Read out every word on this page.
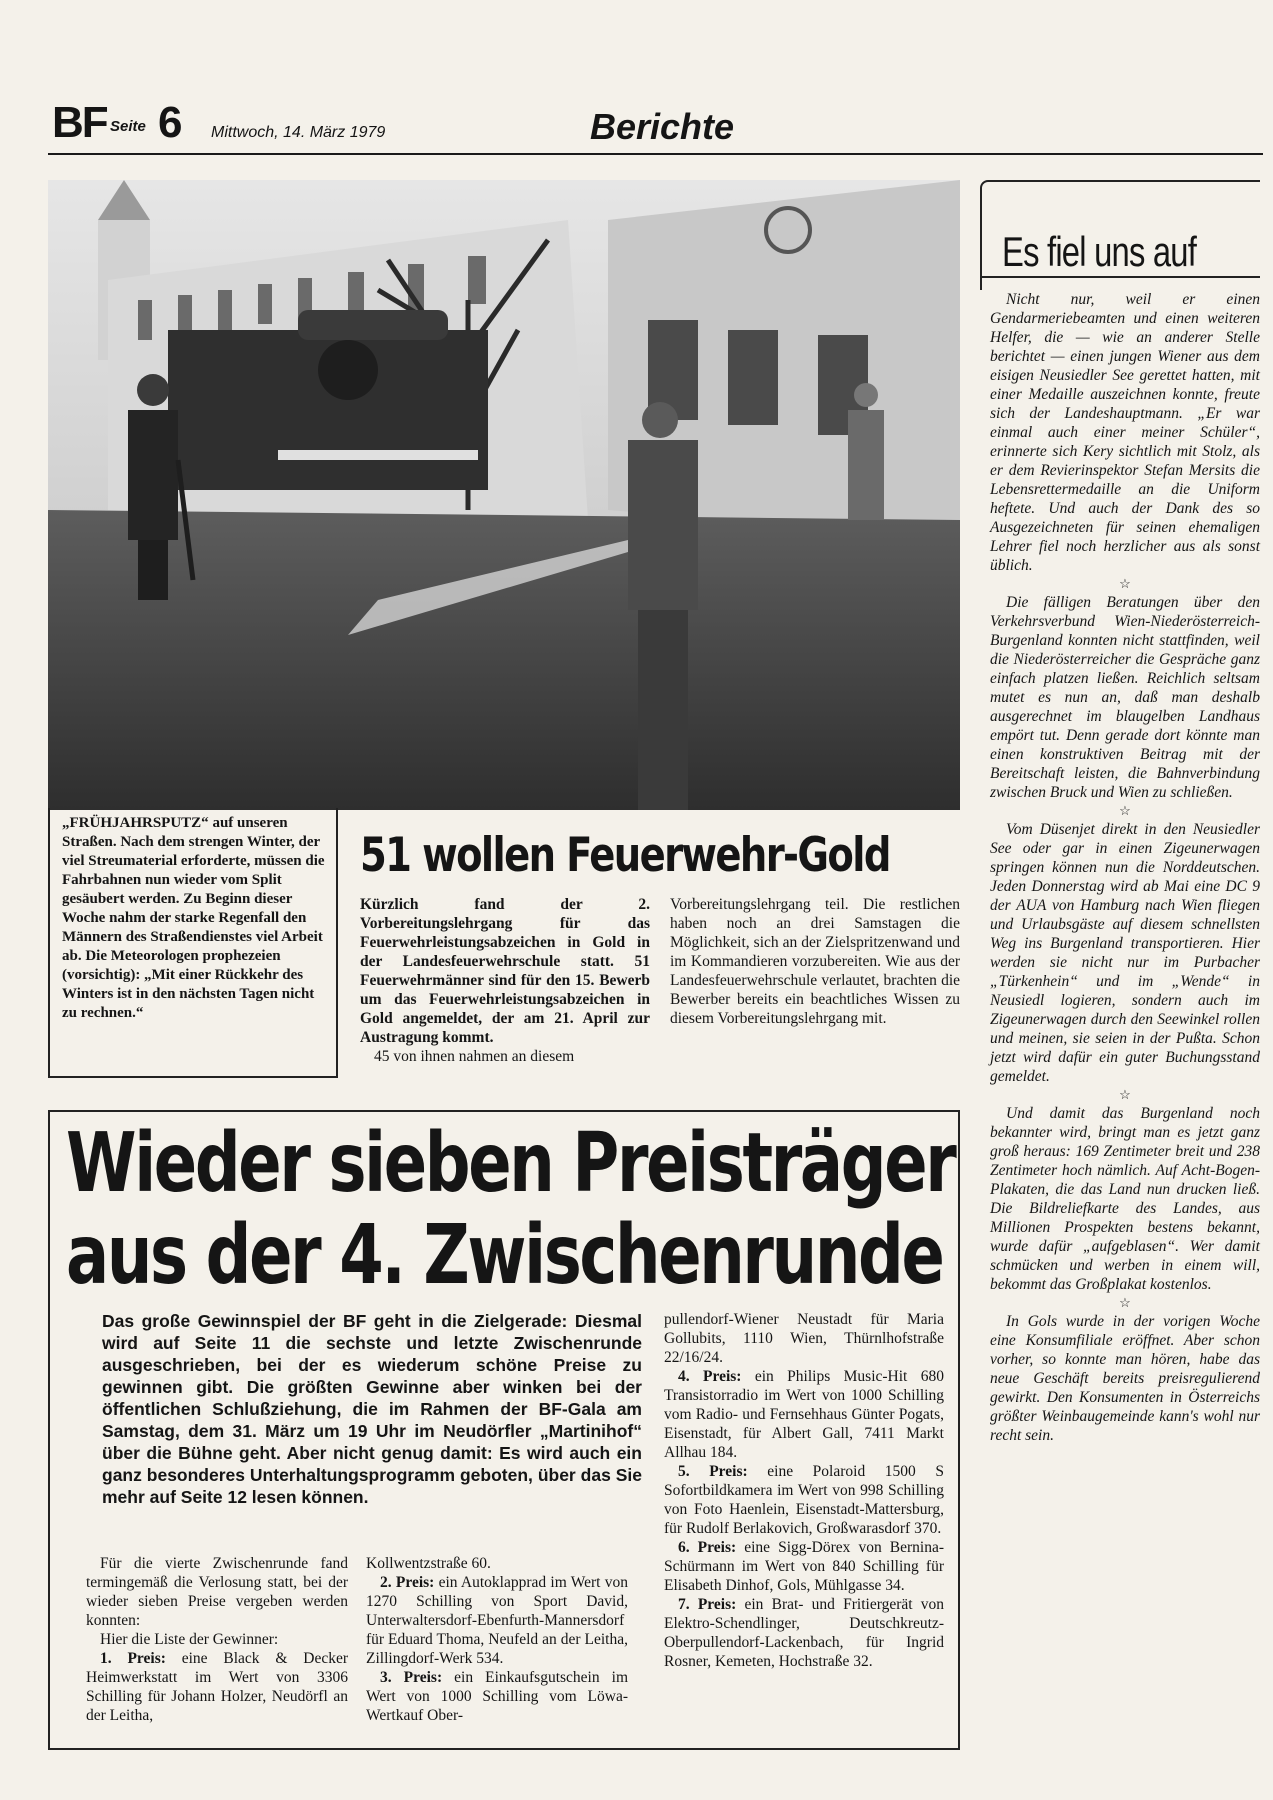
BF Seite 6 Mittwoch, 14. März 1979	Berichte
„FRÜHJAHRSPUTZ“ auf unseren Straßen. Nach dem strengen Winter, der viel Streumaterial erforderte, müssen die Fahrbahnen nun wieder vom Split gesäubert werden. Zu Beginn dieser Woche nahm der starke Regenfall den Männern des Straßendienstes viel Arbeit ab. Die Meteorologen prophezeien (vorsichtig): „Mit einer Rückkehr des Winters ist in den nächsten Tagen nicht zu rechnen.“
51 wollen Feuerwehr-Gold
Kürzlich fand der 2. Vorbereitungslehrgang für das Feuerwehrleistungsabzeichen in Gold in der Landesfeuerwehrschule statt. 51 Feuerwehrmänner sind für den 15. Bewerb um das Feuerwehrleistungsabzeichen in Gold angemeldet, der am 21. April zur Austragung kommt.
45 von ihnen nahmen an diesem
Vorbereitungslehrgang teil. Die restlichen haben noch an drei Samstagen die Möglichkeit, sich an der Zielspritzenwand und im Kommandieren vorzubereiten. Wie aus der Landesfeuerwehrschule verlautet, brachten die Bewerber bereits ein beachtliches Wissen zu diesem Vorbereitungslehrgang mit.
Wieder sieben Preisträger
aus der 4. Zwischenrunde
Das große Gewinnspiel der BF geht in die Zielgerade: Diesmal wird auf Seite 11 die sechste und letzte Zwischenrunde ausgeschrieben, bei der es wiederum schöne Preise zu gewinnen gibt. Die größten Gewinne aber winken bei der öffentlichen Schlußziehung, die im Rahmen der BF-Gala am Samstag, dem 31. März um 19 Uhr im Neudörfler „Martinihof“ über die Bühne geht. Aber nicht genug damit: Es wird auch ein ganz besonderes Unterhaltungsprogramm geboten, über das Sie mehr auf Seite 12 lesen können.

Für die vierte Zwischenrunde fand termingemäß die Verlosung statt, bei der wieder sieben Preise vergeben werden konnten:

Hier die Liste der Gewinner:

1. Preis: eine Black & Decker Heimwerkstatt im Wert von 3306 Schilling für Johann Holzer, Neudörfl an der Leitha,

Kollwentzstraße 60.

2. Preis: ein Autoklapprad im Wert von 1270 Schilling von Sport David, Unterwaltersdorf-Ebenfurth-Mannersdorf für Eduard Thoma, Neufeld an der Leitha, Zillingdorf-Werk 534.

3. Preis: ein Einkaufsgutschein im Wert von 1000 Schilling vom Löwa-Wertkauf Ober-

pullendorf-Wiener Neustadt für Maria Gollubits, 1110 Wien, Thürnlhofstraße 22/16/24.

4. Preis: ein Philips Music-Hit 680 Transistorradio im Wert von 1000 Schilling vom Radio- und Fernsehhaus Günter Pogats, Eisenstadt, für Albert Gall, 7411 Markt Allhau 184.

5. Preis: eine Polaroid 1500 S Sofortbildkamera im Wert von 998 Schilling von Foto Haenlein, Eisenstadt-Mattersburg, für Rudolf Berlakovich, Großwarasdorf 370.

6. Preis: eine Sigg-Dörex von Bernina-Schürmann im Wert von 840 Schilling für Elisabeth Dinhof, Gols, Mühlgasse 34.

7. Preis: ein Brat- und Fritiergerät von Elektro-Schendlinger, Deutschkreutz-Oberpullendorf-Lackenbach, für Ingrid Rosner, Kemeten, Hochstraße 32.

Es fiel uns auf

Nicht nur, weil er einen Gendarmeriebeamten und einen weiteren Helfer, die — wie an anderer Stelle berichtet — einen jungen Wiener aus dem eisigen Neusiedler See gerettet hatten, mit einer Medaille auszeichnen konnte, freute sich der Landeshauptmann. „Er war einmal auch einer meiner Schüler“, erinnerte sich Kery sichtlich mit Stolz, als er dem Revierinspektor Stefan Mersits die Lebensrettermedaille an die Uniform heftete. Und auch der Dank des so Ausgezeichneten für seinen ehemaligen Lehrer fiel noch herzlicher aus als sonst üblich.

☆

Die fälligen Beratungen über den Verkehrsverbund Wien-Niederösterreich-Burgenland konnten nicht stattfinden, weil die Niederösterreicher die Gespräche ganz einfach platzen ließen. Reichlich seltsam mutet es nun an, daß man deshalb ausgerechnet im blaugelben Landhaus empört tut. Denn gerade dort könnte man einen konstruktiven Beitrag mit der Bereitschaft leisten, die Bahnverbindung zwischen Bruck und Wien zu schließen.

☆

Vom Düsenjet direkt in den Neusiedler See oder gar in einen Zigeunerwagen springen können nun die Norddeutschen. Jeden Donnerstag wird ab Mai eine DC 9 der AUA von Hamburg nach Wien fliegen und Urlaubsgäste auf diesem schnellsten Weg ins Burgenland transportieren. Hier werden sie nicht nur im Purbacher „Türkenhein“ und im „Wende“ in Neusiedl logieren, sondern auch im Zigeunerwagen durch den Seewinkel rollen und meinen, sie seien in der Pußta. Schon jetzt wird dafür ein guter Buchungsstand gemeldet.

☆

Und damit das Burgenland noch bekannter wird, bringt man es jetzt ganz groß heraus: 169 Zentimeter breit und 238 Zentimeter hoch nämlich. Auf Acht-Bogen-Plakaten, die das Land nun drucken ließ. Die Bildreliefkarte des Landes, aus Millionen Prospekten bestens bekannt, wurde dafür „aufgeblasen“. Wer damit schmücken und werben in einem will, bekommt das Großplakat kostenlos.

☆

In Gols wurde in der vorigen Woche eine Konsumfiliale eröffnet. Aber schon vorher, so konnte man hören, habe das neue Geschäft bereits preisregulierend gewirkt. Den Konsumenten in Österreichs größter Weinbaugemeinde kann's wohl nur recht sein.
